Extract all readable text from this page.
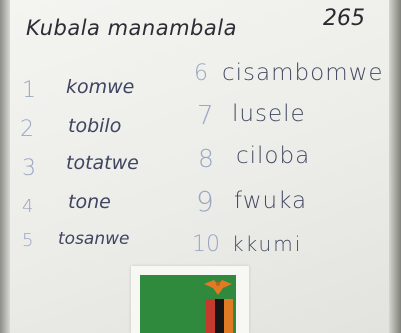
Kubala manambala	265
1 komwe
2 tobilo
3 totatwe
4 tone
5 tosanwe
6 cisambomwe
7 lusele
8 ciloba
9 fwuka
10 kkumi
